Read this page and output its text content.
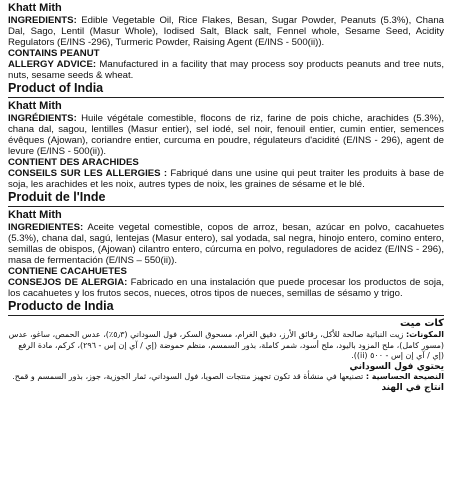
Khatt Mith

INGREDIENTS: Edible Vegetable Oil, Rice Flakes, Besan, Sugar Powder, Peanuts (5.3%), Chana Dal, Sago, Lentil (Masur Whole), Iodised Salt, Black salt, Fennel whole, Sesame Seed, Acidity Regulators (E/INS -296), Turmeric Powder, Raising Agent (E/INS - 500(ii)).

CONTAINS PEANUT

ALLERGY ADVICE: Manufactured in a facility that may process soy products peanuts and tree nuts, nuts, sesame seeds & wheat.

Product of India

Khatt Mith

INGRÉDIENTS: Huile végétale comestible, flocons de riz, farine de pois chiche, arachides (5.3%), chana dal, sagou, lentilles (Masur entier), sel iodé, sel noir, fenouil entier, cumin entier, semences évêques (Ajowan), coriandre entier, curcuma en poudre, régulateurs d'acidité (E/INS - 296), agent de levure (E/INS - 500(ii)).

CONTIENT DES ARACHIDES

CONSEILS SUR LES ALLERGIES : Fabriqué dans une usine qui peut traiter les produits à base de soja, les arachides et les noix, autres types de noix, les graines de sésame et le blé.

Produit de l'Inde

Khatt Mith

INGREDIENTES: Aceite vegetal comestible, copos de arroz, besan, azúcar en polvo, cacahuetes (5.3%), chana dal, sagú, lentejas (Masur entero), sal yodada, sal negra, hinojo entero, comino entero, semillas de obispos, (Ajowan) cilantro entero, cúrcuma en polvo, reguladores de acidez (E/INS - 296), masa de fermentación (E/INS – 550(ii)).

CONTIENE CACAHUETES

CONSEJOS DE ALERGIA: Fabricado en una instalación que puede procesar los productos de soja, los cacahuetes y los frutos secos, nueces, otros tipos de nueces, semillas de sésamo y trigo.

Producto de India

كات ميت

المكونات: زيت النباتية صالحة للأكل، رقائق الأرز، دقيق الغرام، مسحوق السكر، فول السوداني (٥٫٣٪)، عدس الحمص، ساغو، عدس (مسور كامل)، ملح المزود باليود، ملح أسود، شمر كاملة، بذور السمسم، منظم حموضة (إي / آي إن إس - ٢٩٦)، كركم، مادة الرفع (إي / آي إن إس - ٥٠٠ (ii)).

يحتوي فول السوداني

النصيحة الحساسية : تصنيعها في منشأة قد تكون تجهيز منتجات الصويا، فول السوداني، ثمار الجوزية، جوز، بذور السمسم و قمح.

انتاج في الهند
